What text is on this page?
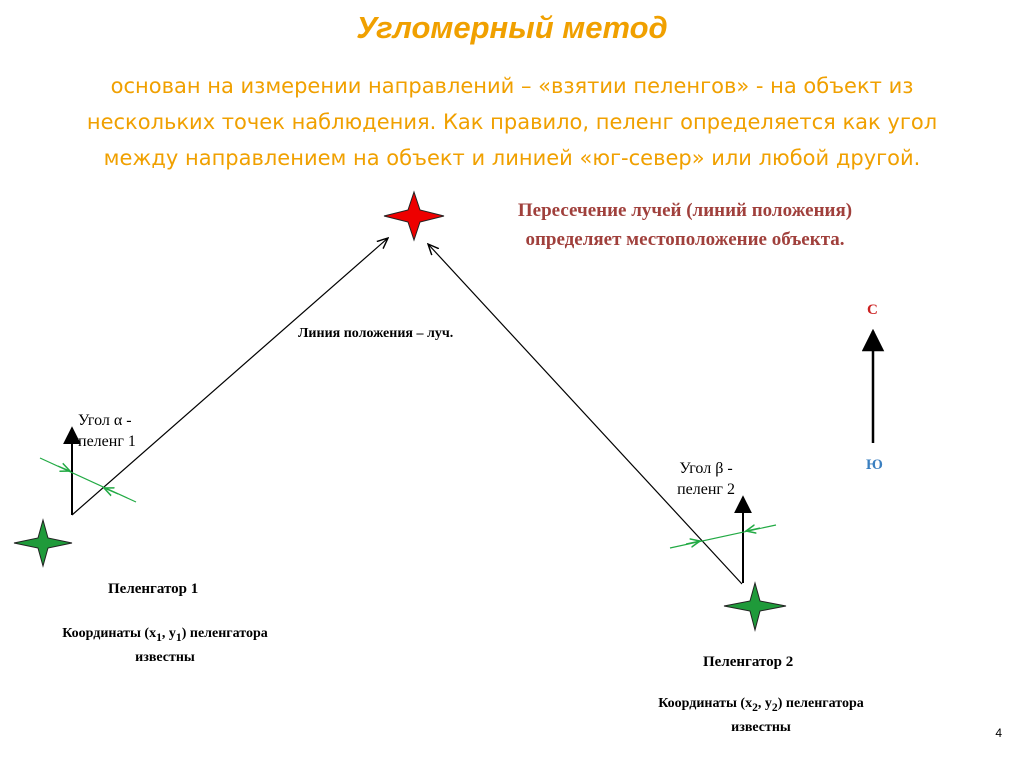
Угломерный метод
основан на измерении направлений – «взятии пеленгов» - на объект из
нескольких точек наблюдения. Как правило, пеленг определяется как угол
между направлением на объект и линией «юг-север» или любой другой.
Пересечение лучей (линий положения)
определяет местоположение объекта.
Линия положения – луч.
С
Ю
Угол α -
пеленг 1
Угол β -
пеленг 2
Пеленгатор 1
Координаты ($x_1$, $y_1$) пеленгатора
известны	Пеленгатор 2
Координаты ($x_2$, $y_2$) пеленгатора
известны	4
